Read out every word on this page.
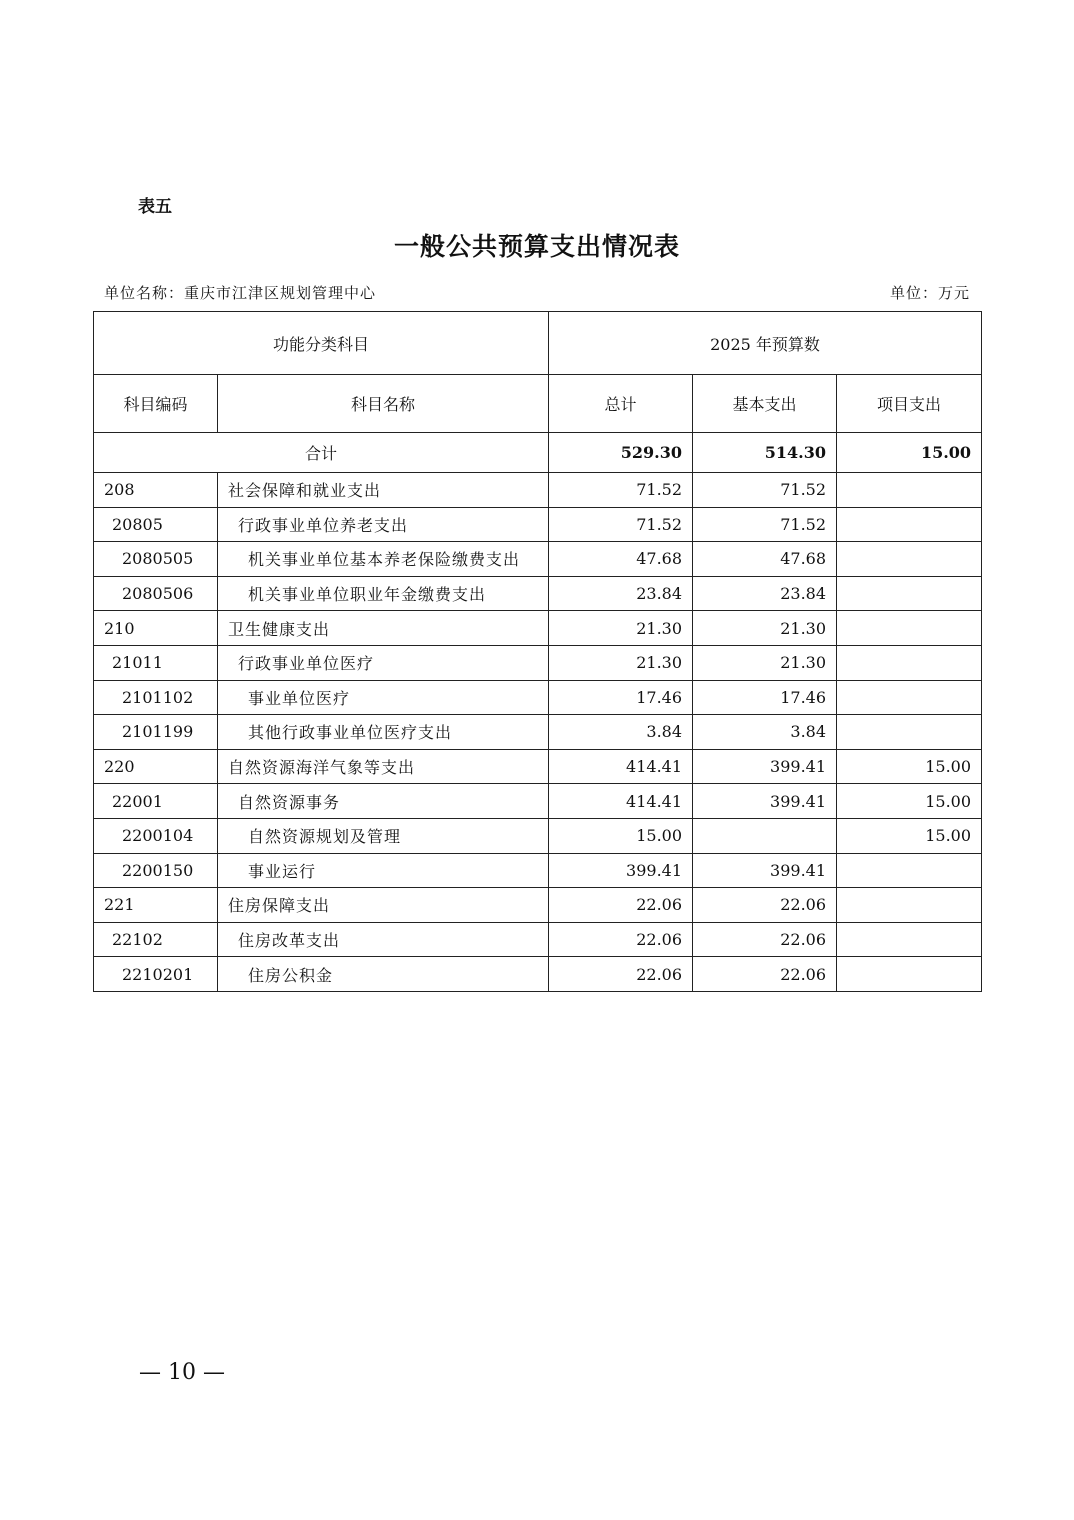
表五
一般公共预算支出情况表
单位名称：重庆市江津区规划管理中心	单位：万元
功能分类科目		2025 年预算数		
科目编码	科目名称	总计	基本支出	项目支出
合计		529.30	514.30	15.00
208	社会保障和就业支出	71.52	71.52	
20805	行政事业单位养老支出	71.52	71.52	
2080505	机关事业单位基本养老保险缴费支出	47.68	47.68	
2080506	机关事业单位职业年金缴费支出	23.84	23.84	
210	卫生健康支出	21.30	21.30	
21011	行政事业单位医疗	21.30	21.30	
2101102	事业单位医疗	17.46	17.46	
2101199	其他行政事业单位医疗支出	3.84	3.84	
220	自然资源海洋气象等支出	414.41	399.41	15.00
22001	自然资源事务	414.41	399.41	15.00
2200104	自然资源规划及管理	15.00		15.00
2200150	事业运行	399.41	399.41	
221	住房保障支出	22.06	22.06	
22102	住房改革支出	22.06	22.06	
2210201	住房公积金	22.06	22.06	
— 10 —
